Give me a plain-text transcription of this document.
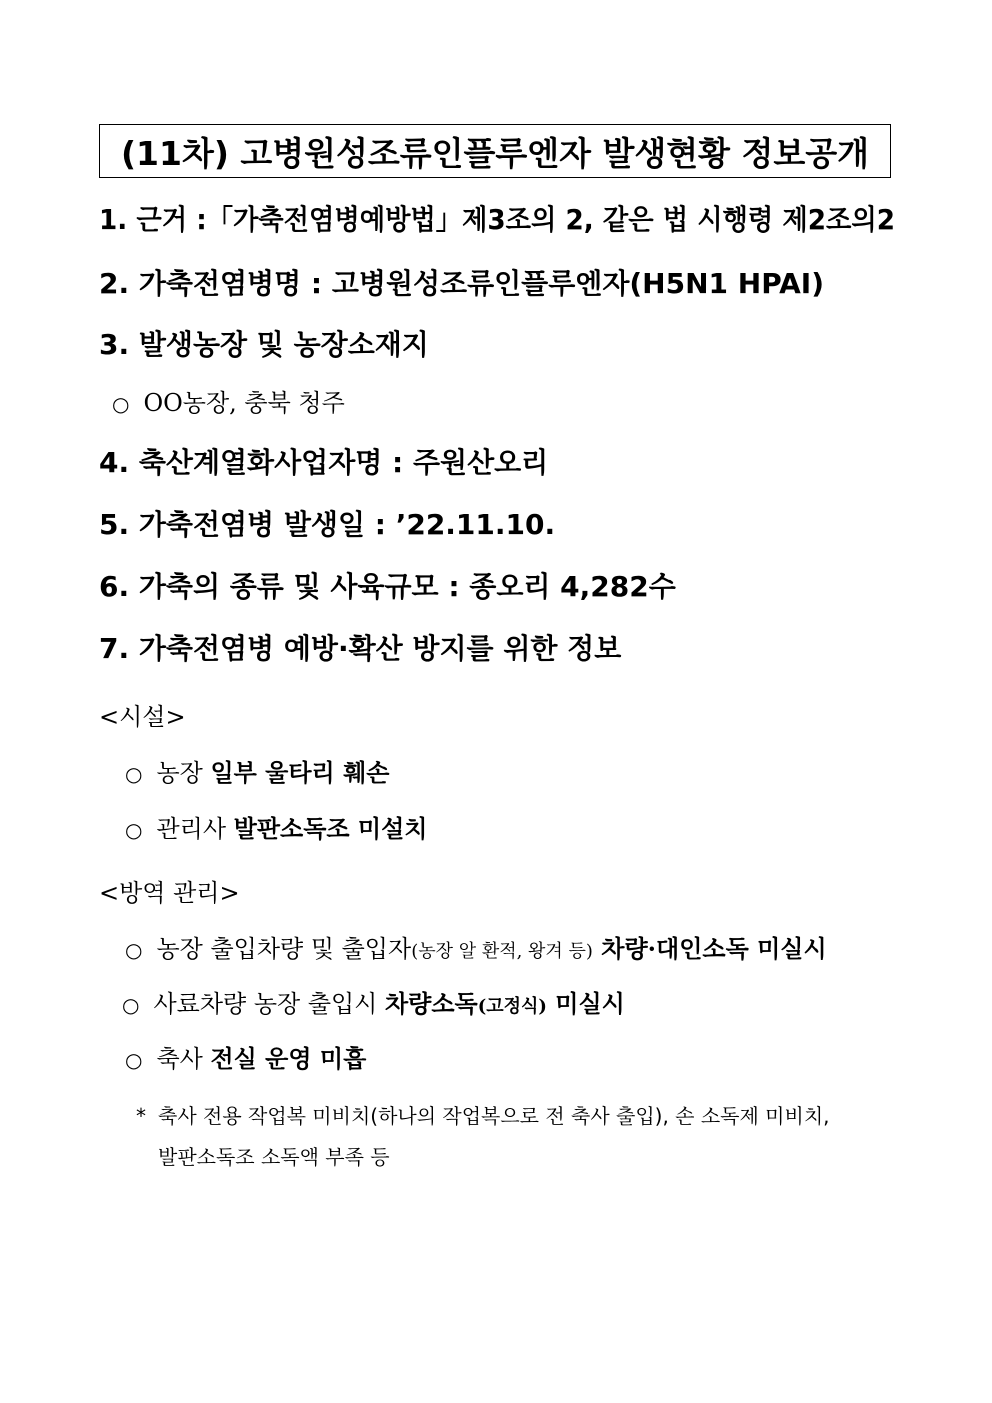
(11차) 고병원성조류인플루엔자 발생현황 정보공개
1. 근거 :「가축전염병예방법」제3조의 2, 같은 법 시행령 제2조의2
2. 가축전염병명 : 고병원성조류인플루엔자(H5N1 HPAI)
3. 발생농장 및 농장소재지
○ OO농장, 충북 청주
4. 축산계열화사업자명 : 주원산오리
5. 가축전염병 발생일 : ’22.11.10.
6. 가축의 종류 및 사육규모 : 종오리 4,282수
7. 가축전염병 예방·확산 방지를 위한 정보
<시설>
○ 농장 일부 울타리 훼손
○ 관리사 발판소독조 미설치
<방역 관리>
○ 농장 출입차량 및 출입자(농장 알 환적, 왕겨 등) 차량·대인소독 미실시
○ 사료차량 농장 출입시 차량소독(고정식) 미실시
○ 축사 전실 운영 미흡
* 축사 전용 작업복 미비치(하나의 작업복으로 전 축사 출입), 손 소독제 미비치,
발판소독조 소독액 부족 등
